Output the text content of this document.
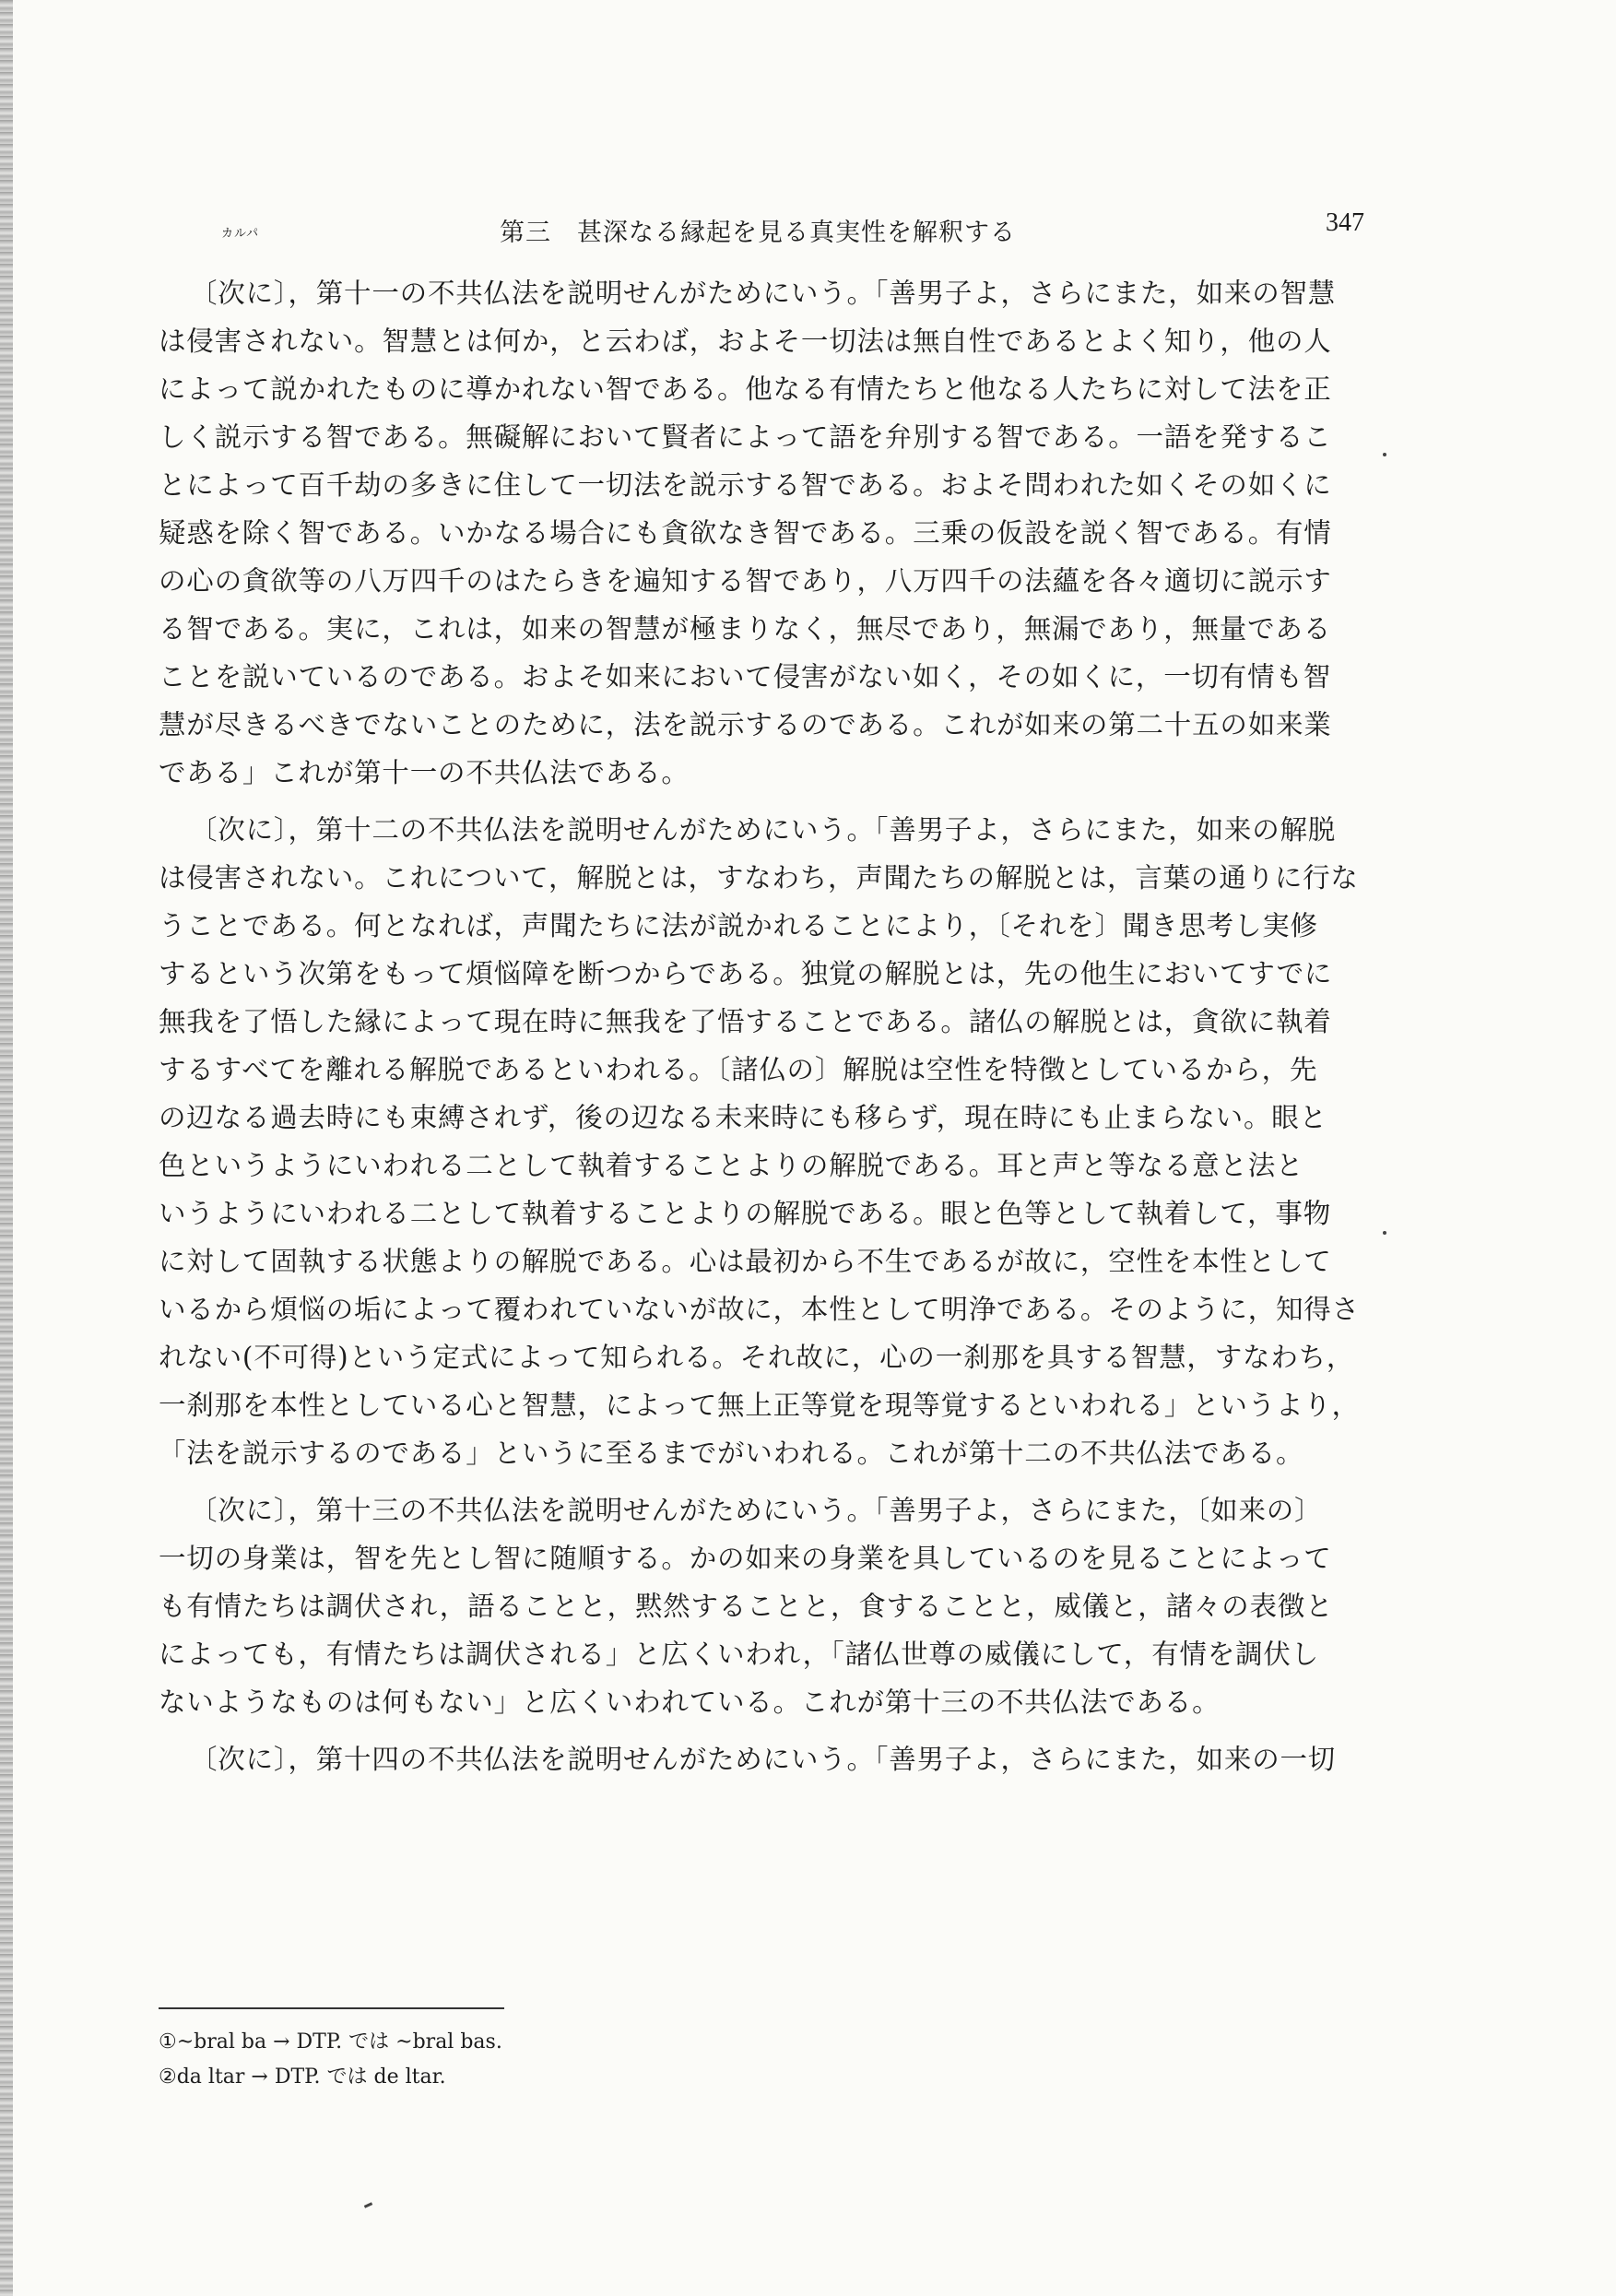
第三　甚深なる縁起を見る真実性を解釈する	347
カルパ
〔次に〕，第十一の不共仏法を説明せんがためにいう。「善男子よ，さらにまた，如来の智慧
は侵害されない。智慧とは何か，と云わば，およそ一切法は無自性であるとよく知り，他の人
によって説かれたものに導かれない智である。他なる有情たちと他なる人たちに対して法を正
しく説示する智である。無礙解において賢者によって語を弁別する智である。一語を発するこ
とによって百千劫の多きに住して一切法を説示する智である。およそ問われた如くその如くに
疑惑を除く智である。いかなる場合にも貪欲なき智である。三乗の仮設を説く智である。有情
の心の貪欲等の八万四千のはたらきを遍知する智であり，八万四千の法蘊を各々適切に説示す
る智である。実に，これは，如来の智慧が極まりなく，無尽であり，無漏であり，無量である
ことを説いているのである。およそ如来において侵害がない如く，その如くに，一切有情も智
慧が尽きるべきでないことのために，法を説示するのである。これが如来の第二十五の如来業
である」これが第十一の不共仏法である。
〔次に〕，第十二の不共仏法を説明せんがためにいう。「善男子よ，さらにまた，如来の解脱
は侵害されない。これについて，解脱とは，すなわち，声聞たちの解脱とは，言葉の通りに行な
うことである。何となれば，声聞たちに法が説かれることにより，〔それを〕聞き思考し実修
するという次第をもって煩悩障を断つからである。独覚の解脱とは，先の他生においてすでに
無我を了悟した縁によって現在時に無我を了悟することである。諸仏の解脱とは，貪欲に執着
するすべてを離れる解脱であるといわれる。〔諸仏の〕解脱は空性を特徴としているから，先
の辺なる過去時にも束縛されず，後の辺なる未来時にも移らず，現在時にも止まらない。眼と
色というようにいわれる二として執着することよりの解脱である。耳と声と等なる意と法と
いうようにいわれる二として執着することよりの解脱である。眼と色等として執着して，事物
に対して固執する状態よりの解脱である。心は最初から不生であるが故に，空性を本性として
いるから煩悩の垢によって覆われていないが故に，本性として明浄である。そのように，知得さ
れない(不可得)という定式によって知られる。それ故に，心の一刹那を具する智慧，すなわち，
一刹那を本性としている心と智慧，によって無上正等覚を現等覚するといわれる」というより，
「法を説示するのである」というに至るまでがいわれる。これが第十二の不共仏法である。
〔次に〕，第十三の不共仏法を説明せんがためにいう。「善男子よ，さらにまた，〔如来の〕
一切の身業は，智を先とし智に随順する。かの如来の身業を具しているのを見ることによって
も有情たちは調伏され，語ることと，黙然することと，食することと，威儀と，諸々の表徴と
によっても，有情たちは調伏される」と広くいわれ，「諸仏世尊の威儀にして，有情を調伏し
ないようなものは何もない」と広くいわれている。これが第十三の不共仏法である。
〔次に〕，第十四の不共仏法を説明せんがためにいう。「善男子よ，さらにまた，如来の一切
①~bral ba → DTP. では ~bral bas.
②da ltar → DTP. では de ltar.
